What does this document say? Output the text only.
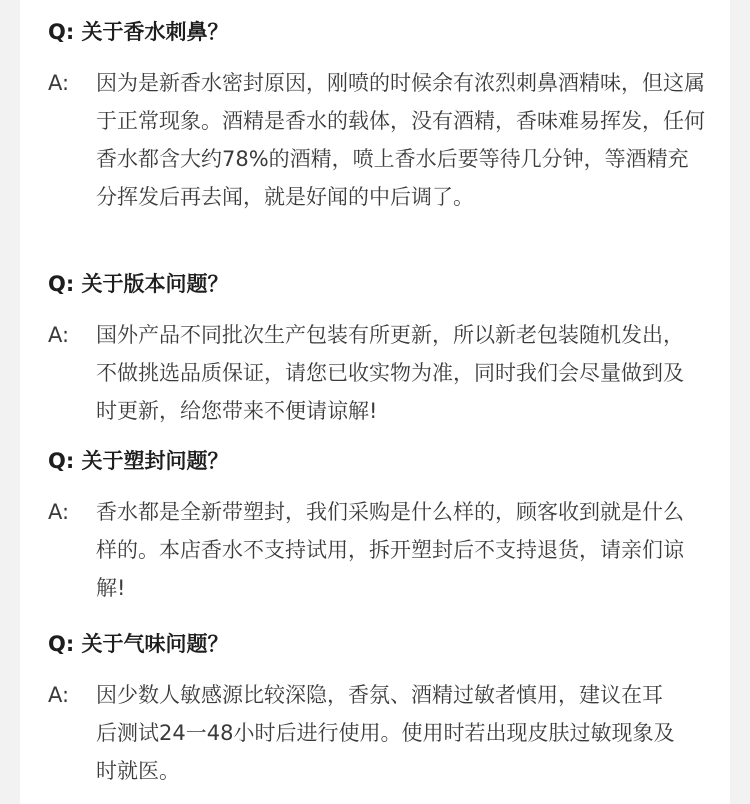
Q: 关于香水刺鼻？
A: 因为是新香水密封原因，刚喷的时候余有浓烈刺鼻酒精味，但这属于正常现象。酒精是香水的载体，没有酒精，香味难易挥发，任何香水都含大约78%的酒精，喷上香水后要等待几分钟，等酒精充分挥发后再去闻，就是好闻的中后调了。
Q: 关于版本问题？
A: 国外产品不同批次生产包装有所更新，所以新老包装随机发出，不做挑选品质保证，请您已收实物为准，同时我们会尽量做到及时更新，给您带来不便请谅解!
Q: 关于塑封问题？
A: 香水都是全新带塑封，我们采购是什么样的，顾客收到就是什么样的。本店香水不支持试用，拆开塑封后不支持退货，请亲们谅解!
Q: 关于气味问题？
A: 因少数人敏感源比较深隐，香氛、酒精过敏者慎用，建议在耳后测试24一48小时后进行使用。使用时若出现皮肤过敏现象及时就医。
